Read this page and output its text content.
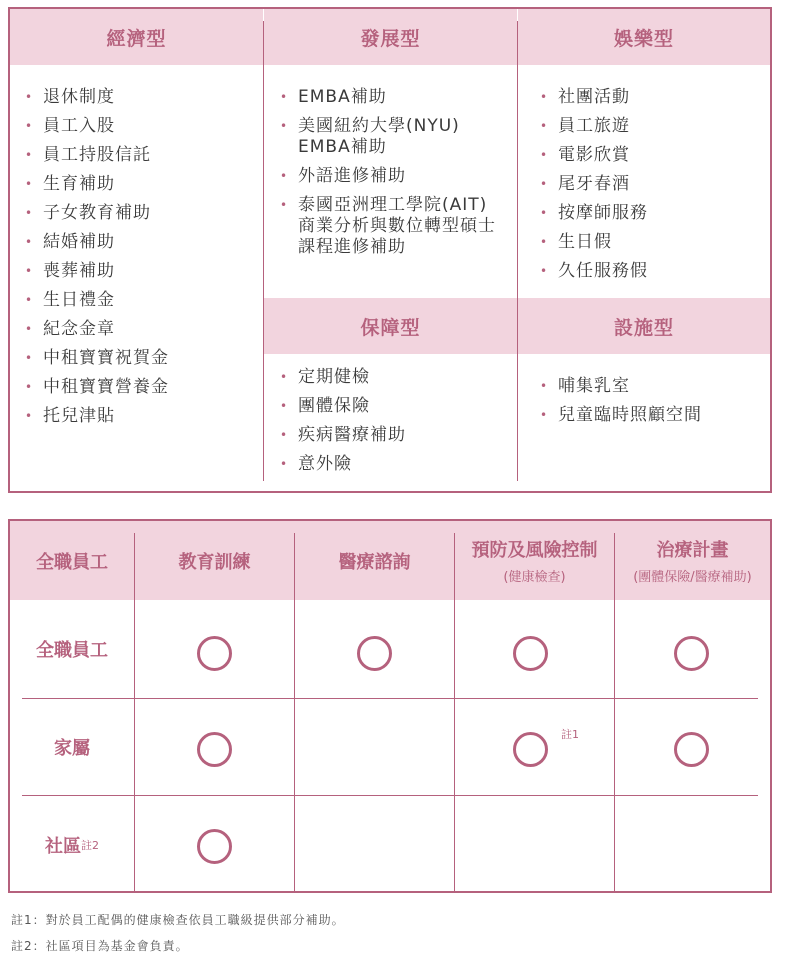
經濟型
• 退休制度
• 員工入股
• 員工持股信託
• 生育補助
• 子女教育補助
• 結婚補助
• 喪葬補助
• 生日禮金
• 紀念金章
• 中租寶寶祝賀金
• 中租寶寶營養金
• 托兒津貼
發展型
• EMBA補助
• 美國紐約大學(NYU) EMBA補助
• 外語進修補助
• 泰國亞洲理工學院(AIT)商業分析與數位轉型碩士課程進修補助
娛樂型
• 社團活動
• 員工旅遊
• 電影欣賞
• 尾牙春酒
• 按摩師服務
• 生日假
• 久任服務假
保障型
• 定期健檢
• 團體保險
• 疾病醫療補助
• 意外險
設施型
• 哺集乳室
• 兒童臨時照顧空間
全職員工	教育訓練	醫療諮詢
預防及風險控制
(健康檢查)
治療計畫
(團體保險/醫療補助)
全職員工
家屬
社區 註2
註1
註1：對於員工配偶的健康檢查依員工職級提供部分補助。
註2：社區項目為基金會負責。
